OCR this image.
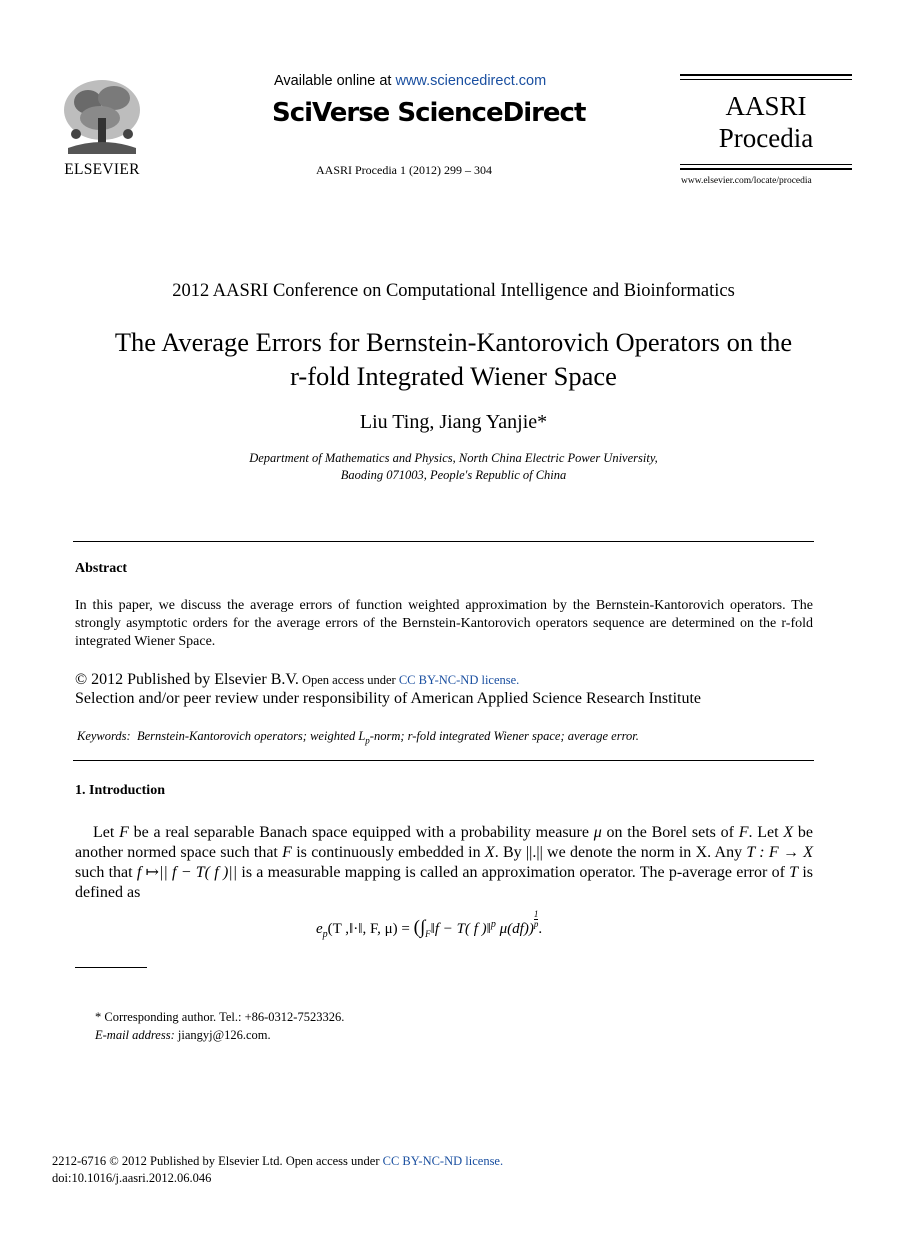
ELSEVIER
Available online at www.sciencedirect.com
SciVerse ScienceDirect
AASRI Procedia 1 (2012) 299 – 304
AASRI
Procedia
www.elsevier.com/locate/procedia
2012 AASRI Conference on Computational Intelligence and Bioinformatics
The Average Errors for Bernstein-Kantorovich Operators on the
r-fold Integrated Wiener Space
Liu Ting, Jiang Yanjie*
Department of Mathematics and Physics, North China Electric Power University,
Baoding 071003, People's Republic of China
Abstract
In this paper, we discuss the average errors of function weighted approximation by the Bernstein-Kantorovich operators. The strongly asymptotic orders for the average errors of the Bernstein-Kantorovich operators sequence are determined on the r-fold integrated Wiener Space.
© 2012 Published by Elsevier B.V. Open access under CC BY-NC-ND license.
Selection and/or peer review under responsibility of American Applied Science Research Institute
Keywords: Bernstein-Kantorovich operators; weighted $L_p$-norm; r-fold integrated Wiener space; average error.
1. Introduction
Let F be a real separable Banach space equipped with a probability measure μ on the Borel sets of F. Let X be another normed space such that F is continuously embedded in X. By ||.|| we denote the norm in X. Any T : F → X such that f ↦|| f − T( f )|| is a measurable mapping is called an approximation operator. The p-average error of T is defined as
$e_p(T$ ,‖·‖, F, $\mu) = (\int_F‖f - T$( f )‖$^p$ $\mu(df)) \frac{1}{p}$ .
* Corresponding author. Tel.: +86-0312-7523326.
E-mail address: jiangyj@126.com.
2212-6716 © 2012 Published by Elsevier Ltd. Open access under CC BY-NC-ND license.
doi:10.1016/j.aasri.2012.06.046
